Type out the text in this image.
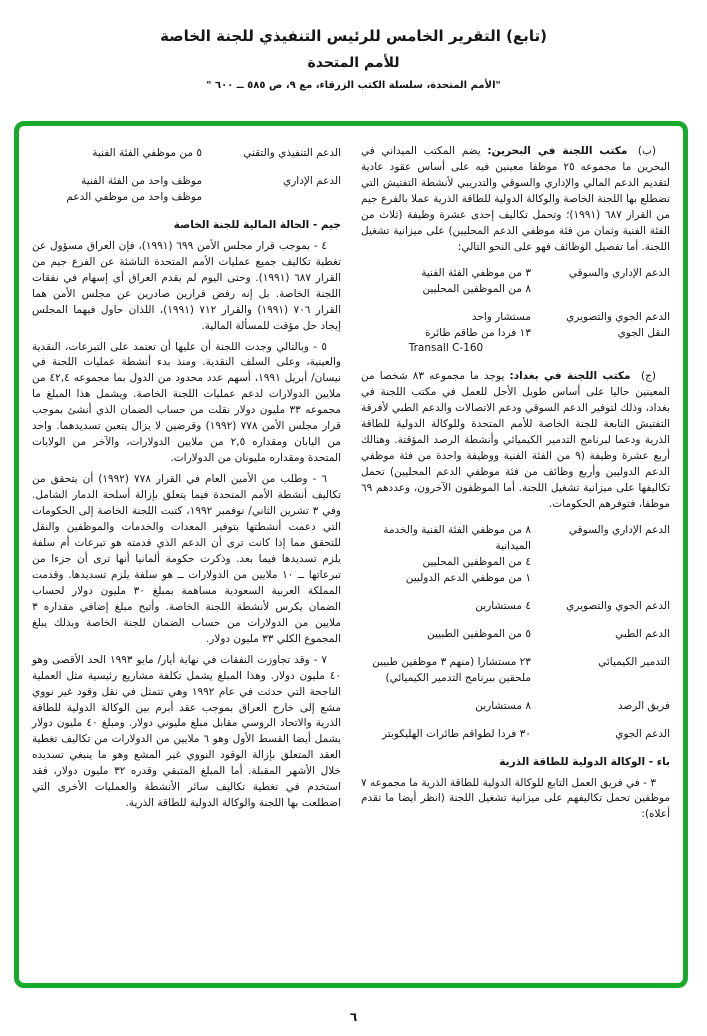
(تابع) التقرير الخامس للرئيس التنفيذي للجنة الخاصة
للأمم المتحدة
"الأمم المتحدة، سلسلة الكتب الزرقاء، مع ٩، ص ٥٨٥ ــ ٦٠٠ "

(ب) مكتب اللجنة في البحرين: يضم المكتب الميداني في البحرين ما مجموعه ٢٥ موظفا معينين فيه على أساس عقود عادية لتقديم الدعم المالي والإداري والسوقي والتدريبي لأنشطة التفتيش التي تضطلع بها اللجنة الخاصة والوكالة الدولية للطاقة الذرية عملا بالفرع جيم من القرار ٦٨٧ (١٩٩١)؛ وتحمل تكاليف إحدى عشرة وظيفة (ثلاث من الفئة الفنية وثمان من فئة موظفي الدعم المحليين) على ميزانية تشغيل اللجنة. أما تفصيل الوظائف فهو على النحو التالي:

الدعم الإداري والسوقي
٣ من موظفي الفئة الفنية
٨ من الموظفين المحليين
الدعم الجوي والتصويري
مستشار واحد
النقل الجوي
١٣ فردا من طاقم طائرة
Transall C-160

(ج) مكتب اللجنة في بغداد: يوجد ما مجموعه ٨٣ شخصا من المعينين حاليا على أساس طويل الأجل للعمل في مكتب اللجنة في بغداد، وذلك لتوفير الدعم السوقي ودعم الاتصالات والدعم الطبي لأفرقة التفتيش التابعة للجنة الخاصة للأمم المتحدة وللوكالة الدولية للطاقة الذرية ودعما لبرنامج التدمير الكيميائي وأنشطة الرصد المؤقتة. وهنالك أربع عشرة وظيفة (٩ من الفئة الفنية ووظيفة واحدة من فئة موظفي الدعم الدوليين وأربع وظائف من فئة موظفي الدعم المحليين) تحمل تكاليفها على ميزانية تشغيل اللجنة. أما الموظفون الآخرون، وعددهم ٦٩ موظفا، فتوفرهم الحكومات.

الدعم الإداري والسوقي
٨ من موظفي الفئة الفنية والخدمة الميدانية
٤ من الموظفين المحليين
١ من موظفي الدعم الدوليين
الدعم الجوي والتصويري
٤ مستشارين
الدعم الطبي
٥ من الموظفين الطبيين
التدمير الكيميائي
٢٣ مستشارا (منهم ٣ موظفين طبيين ملحقين ببرنامج التدمير الكيميائي)
فريق الرصد
٨ مستشارين
الدعم الجوي
٣٠ فردا لطواقم طائرات الهليكوبتر
باء - الوكالة الدولية للطاقة الذرية

٣ - في فريق العمل التابع للوكالة الدولية للطاقة الذرية ما مجموعه ٧ موظفين تحمل تكاليفهم على ميزانية تشغيل اللجنة (انظر أيضا ما تقدم أعلاه):

الدعم التنفيذي والتقني
٥ من موظفي الفئة الفنية
الدعم الإداري
موظف واحد من الفئة الفنية
موظف واحد من موظفي الدعم
جيم - الحالة المالية للجنة الخاصة

٤ - بموجب قرار مجلس الأمن ٦٩٩ (١٩٩١)، فإن العراق مسؤول عن تغطية تكاليف جميع عمليات الأمم المتحدة الناشئة عن الفرع جيم من القرار ٦٨٧ (١٩٩١). وحتى اليوم لم يقدم العراق أي إسهام في نفقات اللجنة الخاصة. بل إنه رفض قرارين صادرين عن مجلس الأمن هما القرار ٧٠٦ (١٩٩١) والقرار ٧١٢ (١٩٩١)، اللذان حاول فيهما المجلس إيجاد حل مؤقت للمسألة المالية.

٥ - وبالتالي وجدت اللجنة أن عليها أن تعتمد على التبرعات، النقدية والعينية، وعلى السلف النقدية. ومنذ بدء أنشطة عمليات اللجنة في نيسان/ أبريل ١٩٩١، أسهم عدد محدود من الدول بما مجموعه ٤٢,٤ من ملايين الدولارات لدعم عمليات اللجنة الخاصة. ويشمل هذا المبلغ ما مجموعه ٣٣ مليون دولار نقلت من حساب الضمان الذي أنشئ بموجب قرار مجلس الأمن ٧٧٨ (١٩٩٢) وقرضين لا يزال يتعين تسديدهما. واحد من اليابان ومقداره ٢,٥ من ملايين الدولارات، والآخر من الولايات المتحدة ومقداره مليونان من الدولارات.

٦ - وطلب من الأمين العام في القرار ٧٧٨ (١٩٩٢) أن يتحقق من تكاليف أنشطة الأمم المتحدة فيما يتعلق بإزالة أسلحة الدمار الشامل. وفي ٣ تشرين الثاني/ نوفمبر ١٩٩٢، كتبت اللجنة الخاصة إلى الحكومات التي دعمت أنشطتها بتوفير المعدات والخدمات والموظفين والنقل للتحقق مما إذا كانت ترى أن الدعم الذي قدمته هو تبرعات أم سلفة يلزم تسديدها فيما بعد. وذكرت حكومة ألمانيا أنها ترى أن جزءا من تبرعاتها ــ ١٠ ملايين من الدولارات ــ هو سلفة يلزم تسديدها. وقدمت المملكة العربية السعودية مساهمة بمبلغ ٣٠ مليون دولار لحساب الضمان يكرس لأنشطة اللجنة الخاصة. وأتيح مبلغ إضافي مقداره ٣ ملايين من الدولارات من حساب الضمان للجنة الخاصة وبذلك يبلغ المجموع الكلي ٣٣ مليون دولار.

٧ - وقد تجاوزت النفقات في نهاية أيار/ مايو ١٩٩٣ الحد الأقصى وهو ٤٠ مليون دولار. وهذا المبلغ يشمل تكلفة مشاريع رئيسية مثل العملية الناجحة التي حدثت في عام ١٩٩٢ وهي تتمثل في نقل وقود غير نووي مشع إلى خارج العراق بموجب عقد أبرم بين الوكالة الدولية للطاقة الذرية والاتحاد الروسي مقابل مبلغ مليوني دولار. ومبلغ ٤٠ مليون دولار يشمل أيضا القسط الأول وهو ٦ ملايين من الدولارات من تكاليف تغطية العقد المتعلق بإزالة الوقود النووي غير المشع وهو ما ينبغي تسديده خلال الأشهر المقبلة. أما المبلغ المتبقي وقدره ٣٢ مليون دولار، فقد استخدم في تغطية تكاليف سائر الأنشطة والعمليات الأخرى التي اضطلعت بها اللجنة والوكالة الدولية للطاقة الذرية.

٦
